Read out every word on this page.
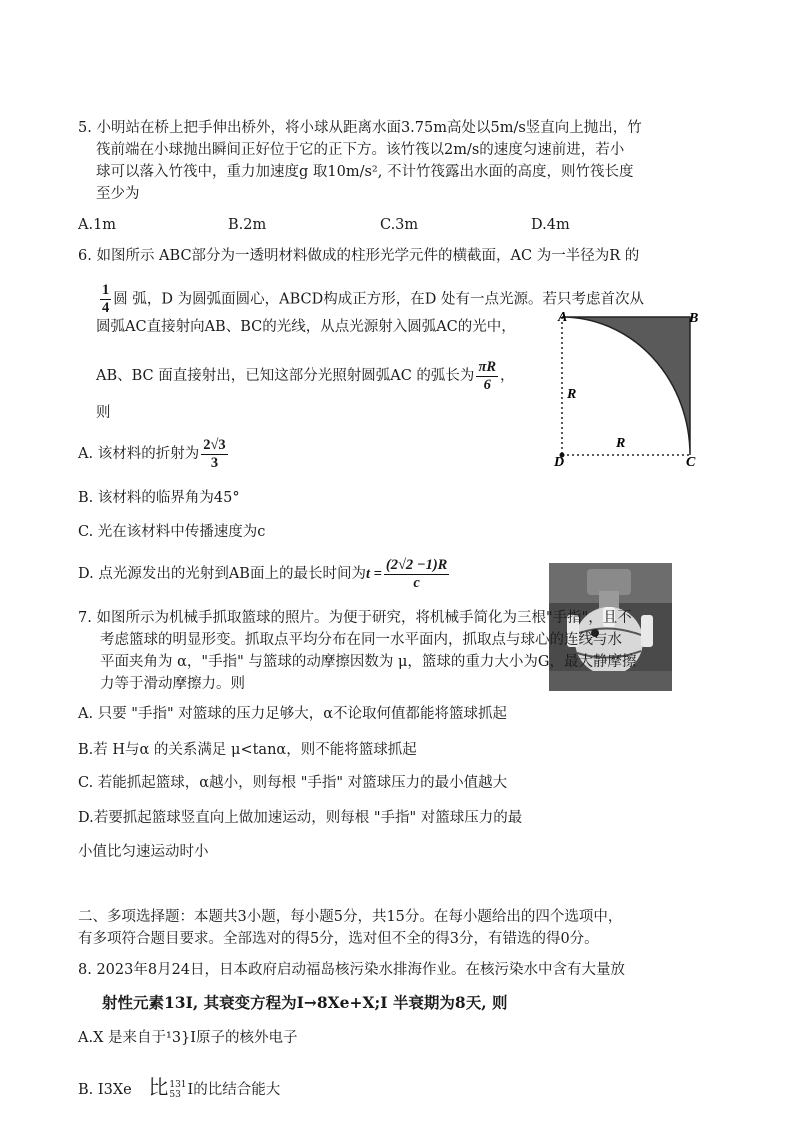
5. 小明站在桥上把手伸出桥外，将小球从距离水面3.75m高处以5m/s竖直向上抛出，竹
筏前端在小球抛出瞬间正好位于它的正下方。该竹筏以2m/s的速度匀速前进，若小
球可以落入竹筏中，重力加速度g 取10m/s², 不计竹筏露出水面的高度，则竹筏长度
至少为
A.1m	B.2m	C.3m	D.4m
6. 如图所示 ABC部分为一透明材料做成的柱形光学元件的横截面，AC 为一半径为R 的
$\frac{1}{4}$ 圆 弧，D 为圆弧面圆心，ABCD构成正方形，在D 处有一点光源。若只考虑首次从
圆弧AC直接射向AB、BC的光线，从点光源射入圆弧AC的光中，
AB、BC 面直接射出，已知这部分光照射圆弧AC 的弧长为 $\frac{\pi R}{6}$ ，
则
A. 该材料的折射为 $\frac{2√3}{3}$
B. 该材料的临界角为45°
C. 光在该材料中传播速度为c
D. 点光源发出的光射到AB面上的最长时间为$t = \frac{(2√2 -1)R}{c}$
A	B
C
D
R
R
7. 如图所示为机械手抓取篮球的照片。为便于研究，将机械手简化为三根"手指"，且不
考虑篮球的明显形变。抓取点平均分布在同一水平面内，抓取点与球心的连线与水
平面夹角为 α，"手指" 与篮球的动摩擦因数为 μ，篮球的重力大小为G，最大静摩擦
力等于滑动摩擦力。则
A. 只要 "手指" 对篮球的压力足够大，α不论取何值都能将篮球抓起
B.若 H与α 的关系满足 μ<tanα，则不能将篮球抓起
C. 若能抓起篮球，α越小，则每根 "手指" 对篮球压力的最小值越大
D.若要抓起篮球竖直向上做加速运动，则每根 "手指" 对篮球压力的最
小值比匀速运动时小
二、多项选择题：本题共3小题，每小题5分，共15分。在每小题给出的四个选项中，
有多项符合题目要求。全部选对的得5分，选对但不全的得3分，有错选的得0分。
8. 2023年8月24日，日本政府启动福岛核污染水排海作业。在核污染水中含有大量放
射性元素13I, 其衰变方程为I→8Xe+X;I 半衰期为8天, 则
A.X 是来自于¹3}I原子的核外电子
B. I3Xe 比 131
53 I的比结合能大
